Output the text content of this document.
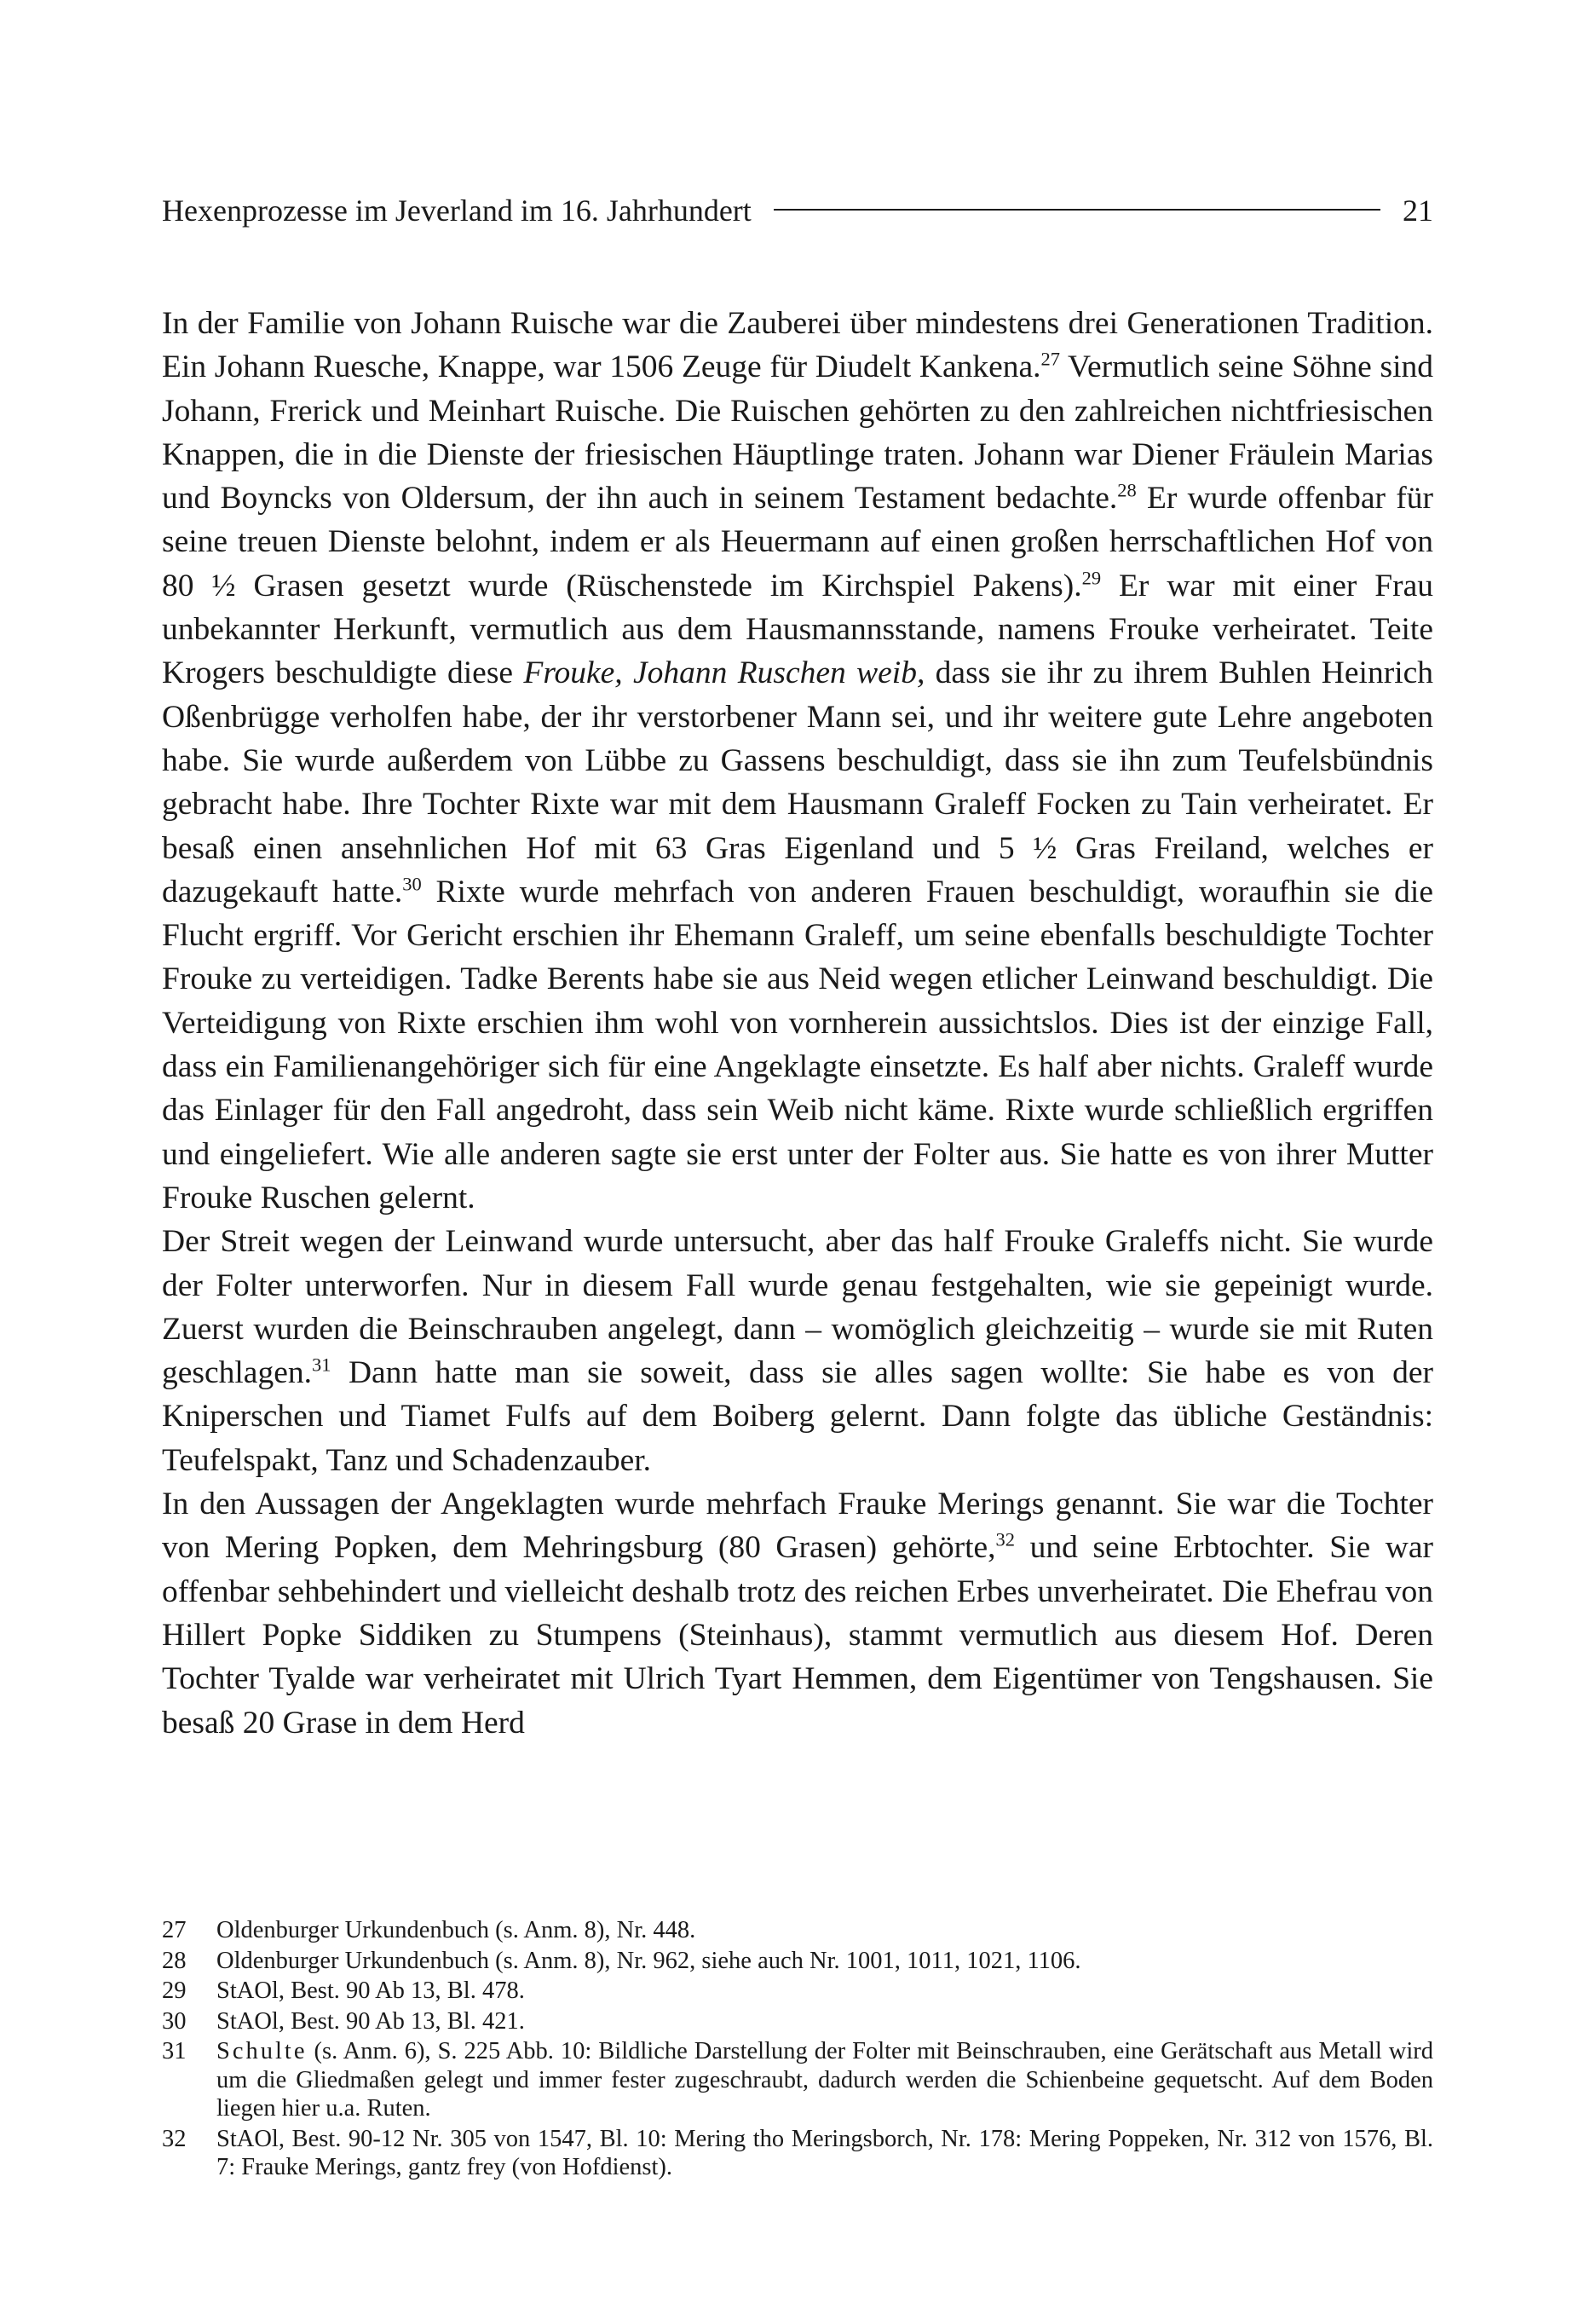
Hexenprozesse im Jeverland im 16. Jahrhundert	21

In der Familie von Johann Ruische war die Zauberei über mindestens drei Generationen Tradition. Ein Johann Ruesche, Knappe, war 1506 Zeuge für Diudelt Kankena.$^{27}$ Vermutlich seine Söhne sind Johann, Frerick und Meinhart Ruische. Die Ruischen gehörten zu den zahlreichen nichtfriesischen Knappen, die in die Dienste der friesischen Häuptlinge traten. Johann war Diener Fräulein Marias und Boyncks von Oldersum, der ihn auch in seinem Testament bedachte.$^{28}$ Er wurde offenbar für seine treuen Dienste belohnt, indem er als Heuermann auf einen großen herrschaftlichen Hof von 80 ½ Grasen gesetzt wurde (Rüschenstede im Kirchspiel Pakens).$^{29}$ Er war mit einer Frau unbekannter Herkunft, vermutlich aus dem Hausmannsstande, namens Frouke verheiratet. Teite Krogers beschuldigte diese Frouke, Johann Ruschen weib, dass sie ihr zu ihrem Buhlen Heinrich Oßenbrügge verholfen habe, der ihr verstorbener Mann sei, und ihr weitere gute Lehre angeboten habe. Sie wurde außerdem von Lübbe zu Gassens beschuldigt, dass sie ihn zum Teufelsbündnis gebracht habe. Ihre Tochter Rixte war mit dem Hausmann Graleff Focken zu Tain verheiratet. Er besaß einen ansehnlichen Hof mit 63 Gras Eigenland und 5 ½ Gras Freiland, welches er dazugekauft hatte.$^{30}$ Rixte wurde mehrfach von anderen Frauen beschuldigt, woraufhin sie die Flucht ergriff. Vor Gericht erschien ihr Ehemann Graleff, um seine ebenfalls beschuldigte Tochter Frouke zu verteidigen. Tadke Berents habe sie aus Neid wegen etlicher Leinwand beschuldigt. Die Verteidigung von Rixte erschien ihm wohl von vornherein aussichtslos. Dies ist der einzige Fall, dass ein Familienangehöriger sich für eine Angeklagte einsetzte. Es half aber nichts. Graleff wurde das Einlager für den Fall angedroht, dass sein Weib nicht käme. Rixte wurde schließlich ergriffen und eingeliefert. Wie alle anderen sagte sie erst unter der Folter aus. Sie hatte es von ihrer Mutter Frouke Ruschen gelernt.

Der Streit wegen der Leinwand wurde untersucht, aber das half Frouke Graleffs nicht. Sie wurde der Folter unterworfen. Nur in diesem Fall wurde genau festgehalten, wie sie gepeinigt wurde. Zuerst wurden die Beinschrauben angelegt, dann – womöglich gleichzeitig – wurde sie mit Ruten geschlagen.$^{31}$ Dann hatte man sie soweit, dass sie alles sagen wollte: Sie habe es von der Kniperschen und Tiamet Fulfs auf dem Boiberg gelernt. Dann folgte das übliche Geständnis: Teufelspakt, Tanz und Schadenzauber.

In den Aussagen der Angeklagten wurde mehrfach Frauke Merings genannt. Sie war die Tochter von Mering Popken, dem Mehringsburg (80 Grasen) gehörte,$^{32}$ und seine Erbtochter. Sie war offenbar sehbehindert und vielleicht deshalb trotz des reichen Erbes unverheiratet. Die Ehefrau von Hillert Popke Siddiken zu Stumpens (Steinhaus), stammt vermutlich aus diesem Hof. Deren Tochter Tyalde war verheiratet mit Ulrich Tyart Hemmen, dem Eigentümer von Tengshausen. Sie besaß 20 Grase in dem Herd

27	Oldenburger Urkundenbuch (s. Anm. 8), Nr. 448.
28	Oldenburger Urkundenbuch (s. Anm. 8), Nr. 962, siehe auch Nr. 1001, 1011, 1021, 1106.
29	StAOl, Best. 90 Ab 13, Bl. 478.
30	StAOl, Best. 90 Ab 13, Bl. 421.
31	Schulte (s. Anm. 6), S. 225 Abb. 10: Bildliche Darstellung der Folter mit Beinschrauben, eine Gerätschaft aus Metall wird um die Gliedmaßen gelegt und immer fester zugeschraubt, dadurch werden die Schienbeine gequetscht. Auf dem Boden liegen hier u.a. Ruten.
32	StAOl, Best. 90-12 Nr. 305 von 1547, Bl. 10: Mering tho Meringsborch, Nr. 178: Mering Poppeken, Nr. 312 von 1576, Bl. 7: Frauke Merings, gantz frey (von Hofdienst).
